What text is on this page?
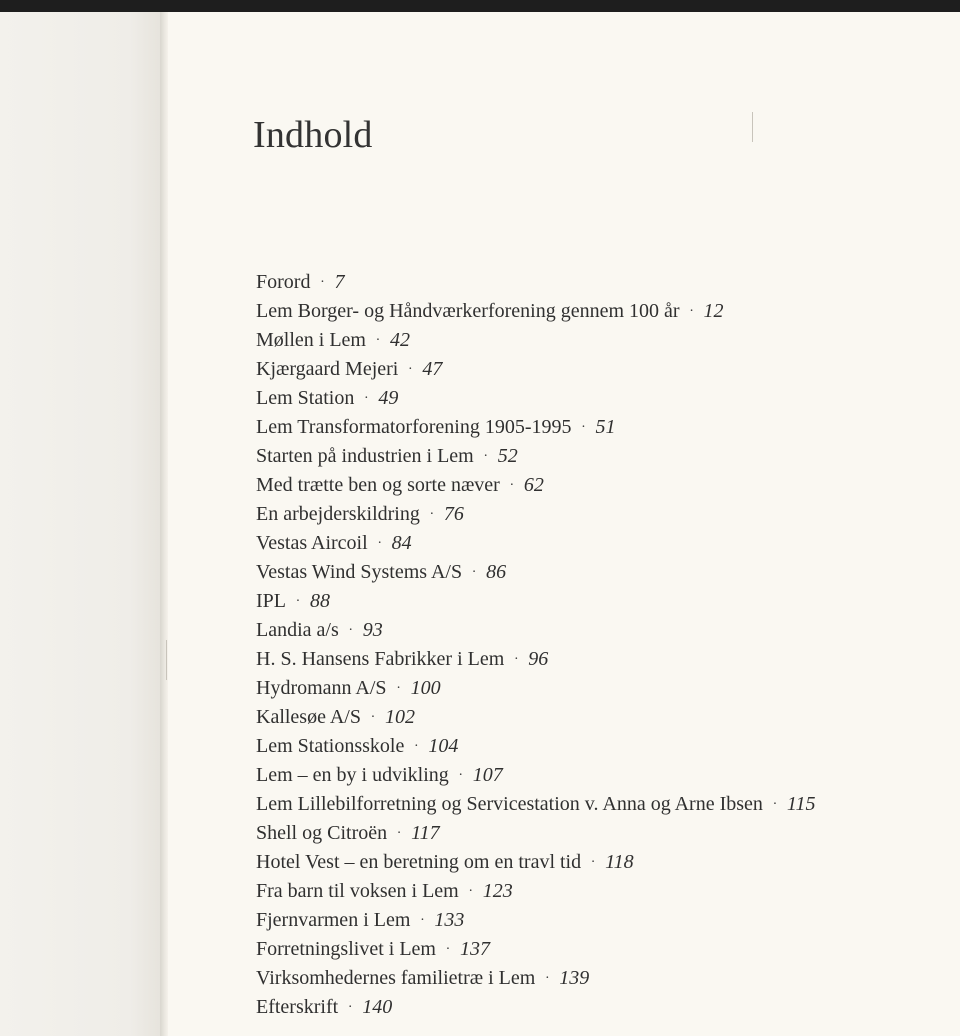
Indhold
Forord · 7
Lem Borger- og Håndværkerforening gennem 100 år · 12
Møllen i Lem · 42
Kjærgaard Mejeri · 47
Lem Station · 49
Lem Transformatorforening 1905-1995 · 51
Starten på industrien i Lem · 52
Med trætte ben og sorte næver · 62
En arbejderskildring · 76
Vestas Aircoil · 84
Vestas Wind Systems A/S · 86
IPL · 88
Landia a/s · 93
H. S. Hansens Fabrikker i Lem · 96
Hydromann A/S · 100
Kallesøe A/S · 102
Lem Stationsskole · 104
Lem – en by i udvikling · 107
Lem Lillebilforretning og Servicestation v. Anna og Arne Ibsen · 115
Shell og Citroën · 117
Hotel Vest – en beretning om en travl tid · 118
Fra barn til voksen i Lem · 123
Fjernvarmen i Lem · 133
Forretningslivet i Lem · 137
Virksomhedernes familietræ i Lem · 139
Efterskrift · 140
